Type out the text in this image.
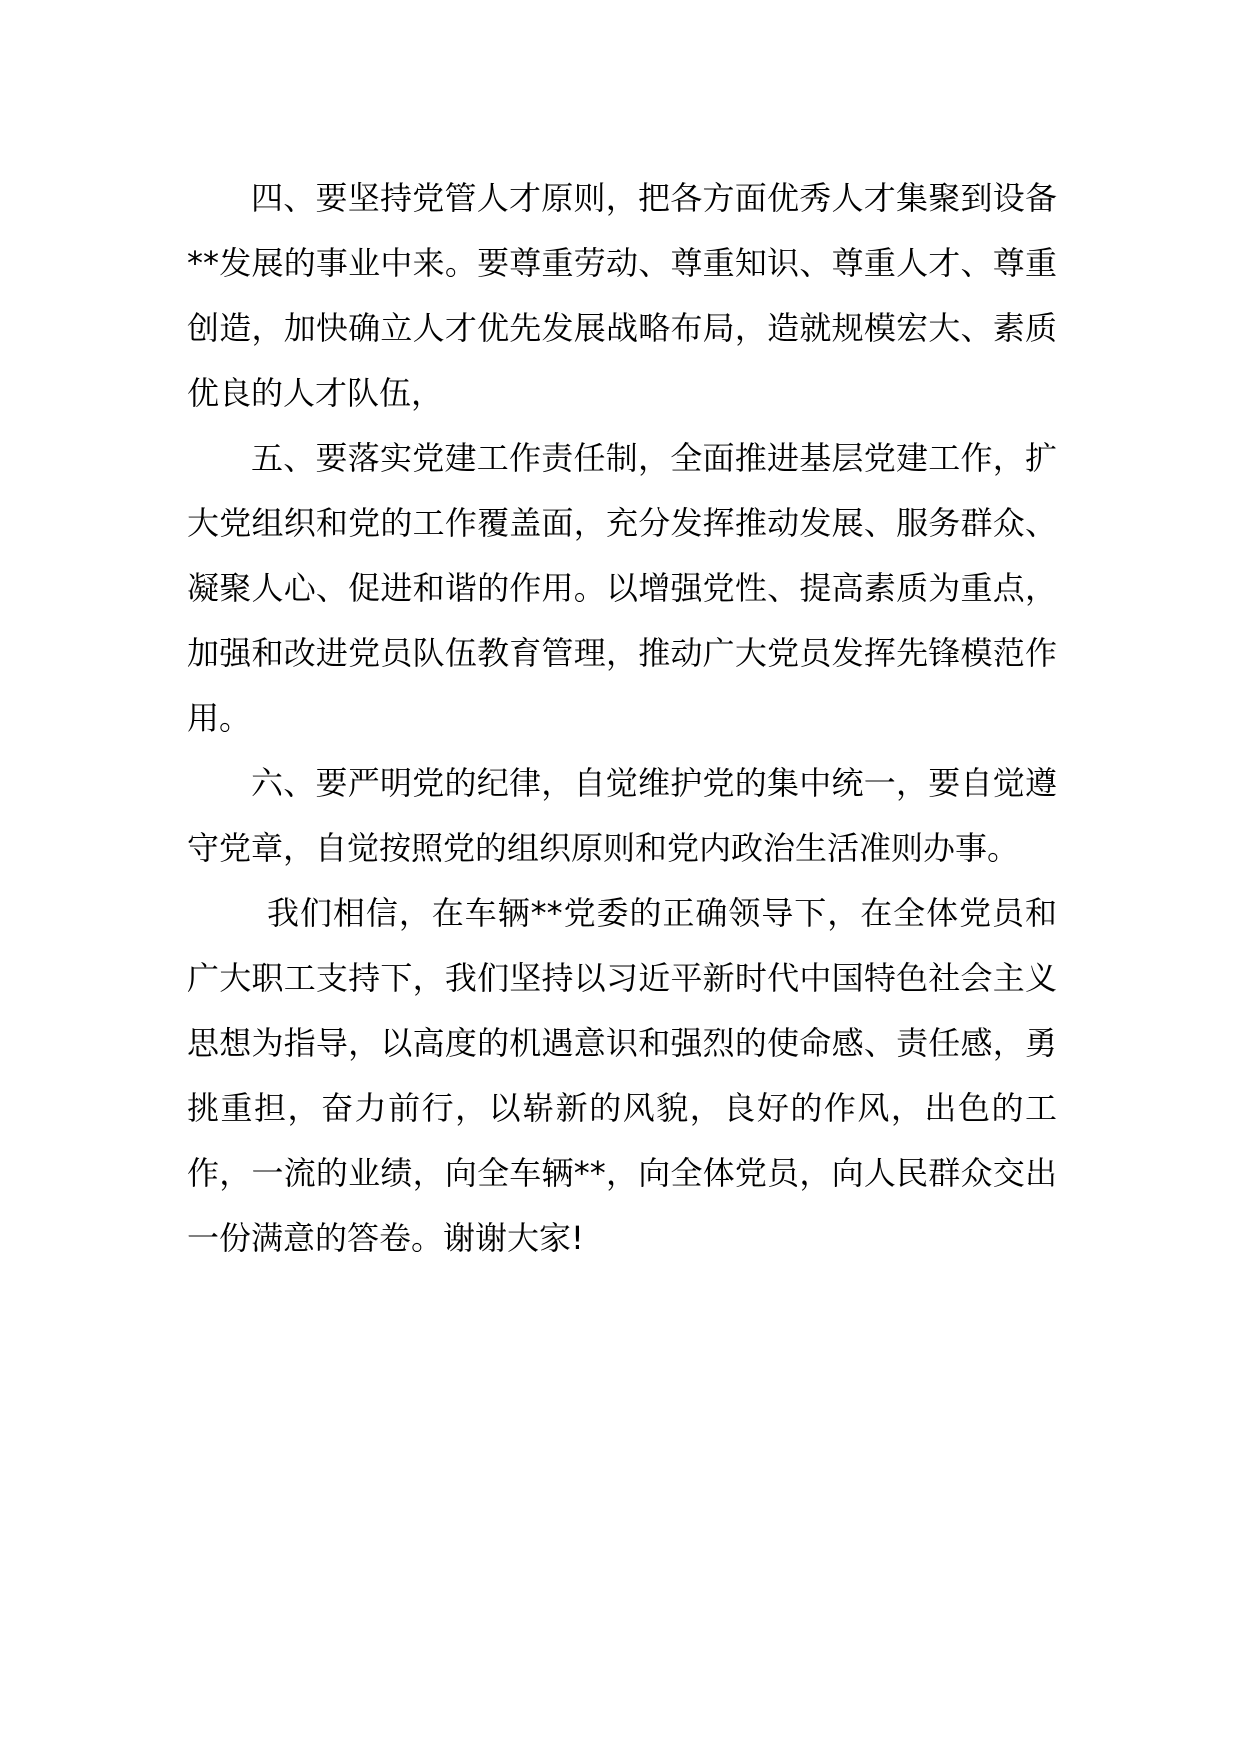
四、要坚持党管人才原则，把各方面优秀人才集聚到设备**发展的事业中来。要尊重劳动、尊重知识、尊重人才、尊重创造，加快确立人才优先发展战略布局，造就规模宏大、素质优良的人才队伍，

五、要落实党建工作责任制，全面推进基层党建工作，扩大党组织和党的工作覆盖面，充分发挥推动发展、服务群众、凝聚人心、促进和谐的作用。以增强党性、提高素质为重点，加强和改进党员队伍教育管理，推动广大党员发挥先锋模范作用。

六、要严明党的纪律，自觉维护党的集中统一，要自觉遵守党章，自觉按照党的组织原则和党内政治生活准则办事。

我们相信，在车辆**党委的正确领导下，在全体党员和广大职工支持下，我们坚持以习近平新时代中国特色社会主义思想为指导，以高度的机遇意识和强烈的使命感、责任感，勇挑重担，奋力前行，以崭新的风貌，良好的作风，出色的工作，一流的业绩，向全车辆**，向全体党员，向人民群众交出一份满意的答卷。谢谢大家!
